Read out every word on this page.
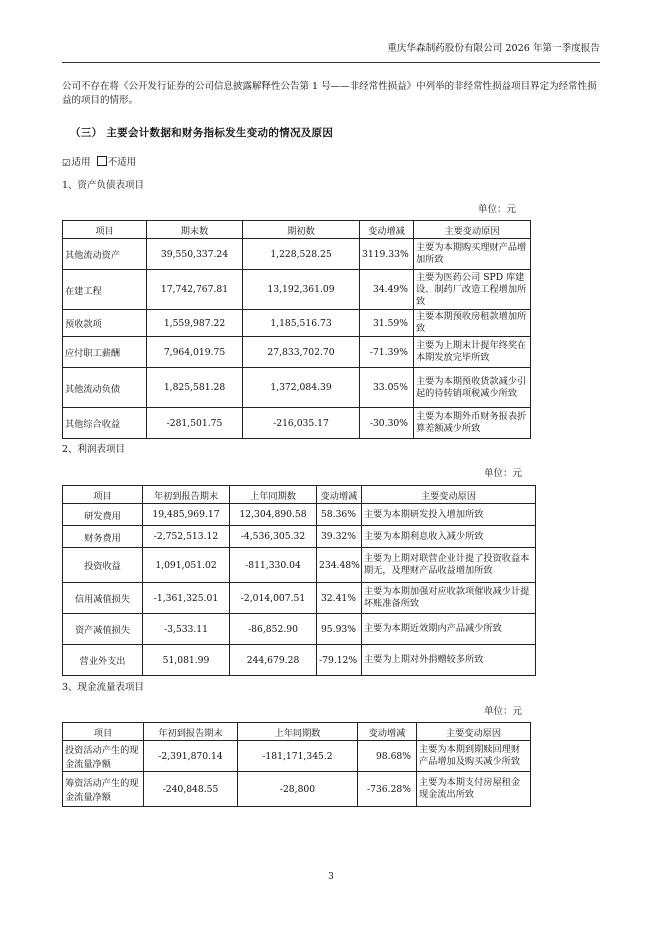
重庆华森制药股份有限公司 2026 年第一季度报告
公司不存在将《公开发行证券的公司信息披露解释性公告第 1 号——非经常性损益》中列举的非经常性损益项目界定为经常性损益的项目的情形。
（三） 主要会计数据和财务指标发生变动的情况及原因
☑适用 不适用
1、资产负债表项目
单位：元
项目	期末数	期初数	变动增减	主要变动原因
其他流动资产	39,550,337.24	1,228,528.25	3119.33%	主要为本期购买理财产品增加所致
在建工程	17,742,767.81	13,192,361.09	34.49%	主要为医药公司 SPD 库建设、制药厂改造工程增加所致
预收款项	1,559,987.22	1,185,516.73	31.59%	主要本期预收房租款增加所致
应付职工薪酬	7,964,019.75	27,833,702.70	-71.39%	主要为上期末计提年终奖在本期发放完毕所致
其他流动负债	1,825,581.28	1,372,084.39	33.05%	主要为本期预收货款减少引起的待转销项税减少所致
其他综合收益	-281,501.75	-216,035.17	-30.30%	主要为本期外币财务报表折算差额减少所致
2、利润表项目
单位：元
项目	年初到报告期末	上年同期数	变动增减	主要变动原因
研发费用	19,485,969.17	12,304,890.58	58.36%	主要为本期研发投入增加所致
财务费用	-2,752,513.12	-4,536,305.32	39.32%	主要为本期利息收入减少所致
投资收益	1,091,051.02	-811,330.04	234.48%	主要为上期对联营企业计提了投资收益本期无，及理财产品收益增加所致
信用减值损失	-1,361,325.01	-2,014,007.51	32.41%	主要为本期加强对应收款项催收减少计提坏账准备所致
资产减值损失	-3,533.11	-86,852.90	95.93%	主要为本期近效期内产品减少所致
营业外支出	51,081.99	244,679.28	-79.12%	主要为上期对外捐赠较多所致
3、现金流量表项目
单位：元
项目	年初到报告期末	上年同期数	变动增减	主要变动原因
投资活动产生的现金流量净额	-2,391,870.14	-181,171,345.2	98.68%	主要为本期到期赎回理财产品增加及购买减少所致
筹资活动产生的现金流量净额	-240,848.55	-28,800	-736.28%	主要为本期支付房屋租金现金流出所致
3
